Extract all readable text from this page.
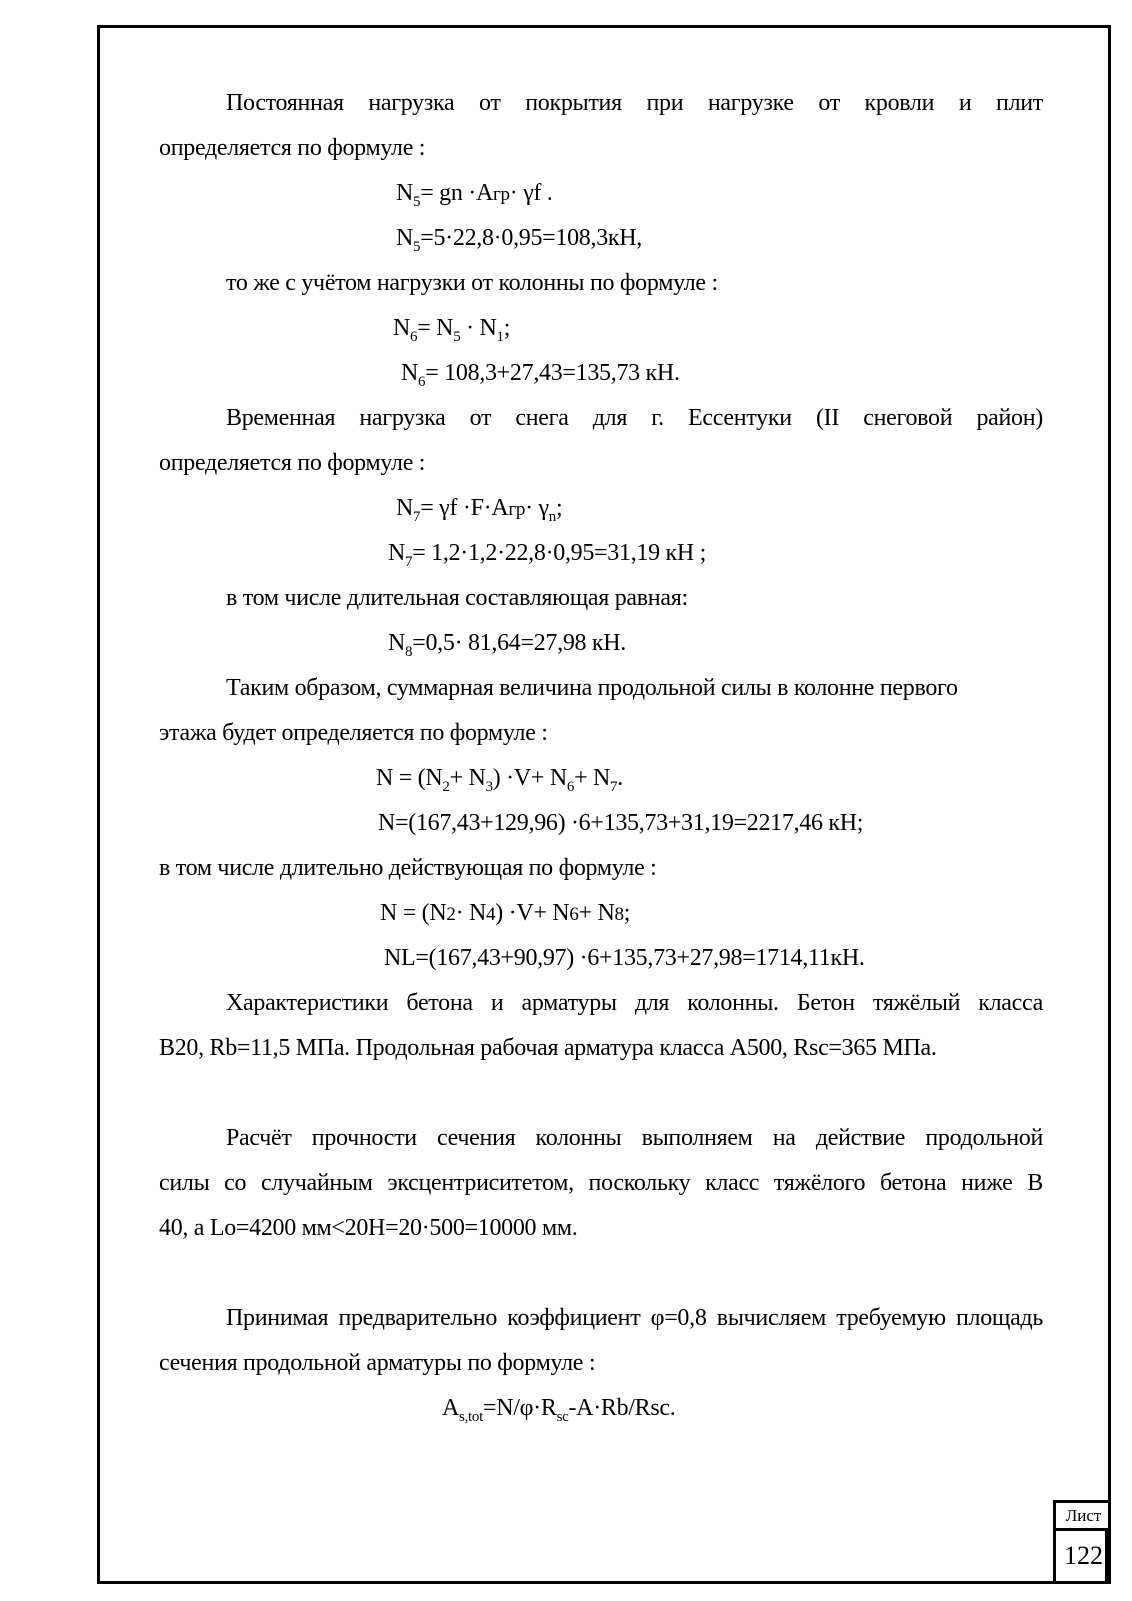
Постоянная нагрузка от покрытия при нагрузке от кровли и плит
определяется по формуле :
$N_5=$ gn ·Aгр· γf .
$N_5=5\cdot 22,8\cdot 0,95=108,3кН$,
то же с учётом нагрузки от колонны по формуле :
$N_6= N_5 \cdot N_1$;
$N_6= 108,3+27,43=135,73$ кН.
Временная нагрузка от снега для г. Ессентуки (II снеговой район)
определяется по формуле :
$N_7= \gamma f \cdot F\cdot Aгр\cdot \gamma_n$;
$N_7= 1,2\cdot 1,2\cdot 22,8\cdot 0,95=31,19$ кН ;
в том числе длительная составляющая равная:
$N_8=0,5\cdot 81,64=27,98$ кН.
Таким образом, суммарная величина продольной силы в колонне первого
этажа будет определяется по формуле :
$N = (N_2+ N_3) \cdot V+ N_6+ N_7$.
N=(167,43+129,96) ·6+135,73+31,19=2217,46 кН;
в том числе длительно действующая по формуле :
N = (N2· N4) ·V+ N6+ N8;
NL=(167,43+90,97) ·6+135,73+27,98=1714,11кН.
Характеристики бетона и арматуры для колонны. Бетон тяжёлый класса
В20, Rb=11,5 МПа. Продольная рабочая арматура класса А500, Rsc=365 МПа.
Расчёт прочности сечения колонны выполняем на действие продольной
силы со случайным эксцентриситетом, поскольку класс тяжёлого бетона ниже В
40, а Lo=4200 мм<20H=20·500=10000 мм.
Принимая предварительно коэффициент φ=0,8 вычисляем требуемую площадь
сечения продольной арматуры по формуле :
$A_{s,tot}=N/\varphi\cdot R_{sc}-A\cdot Rb$/Rsc.
Лист
122
